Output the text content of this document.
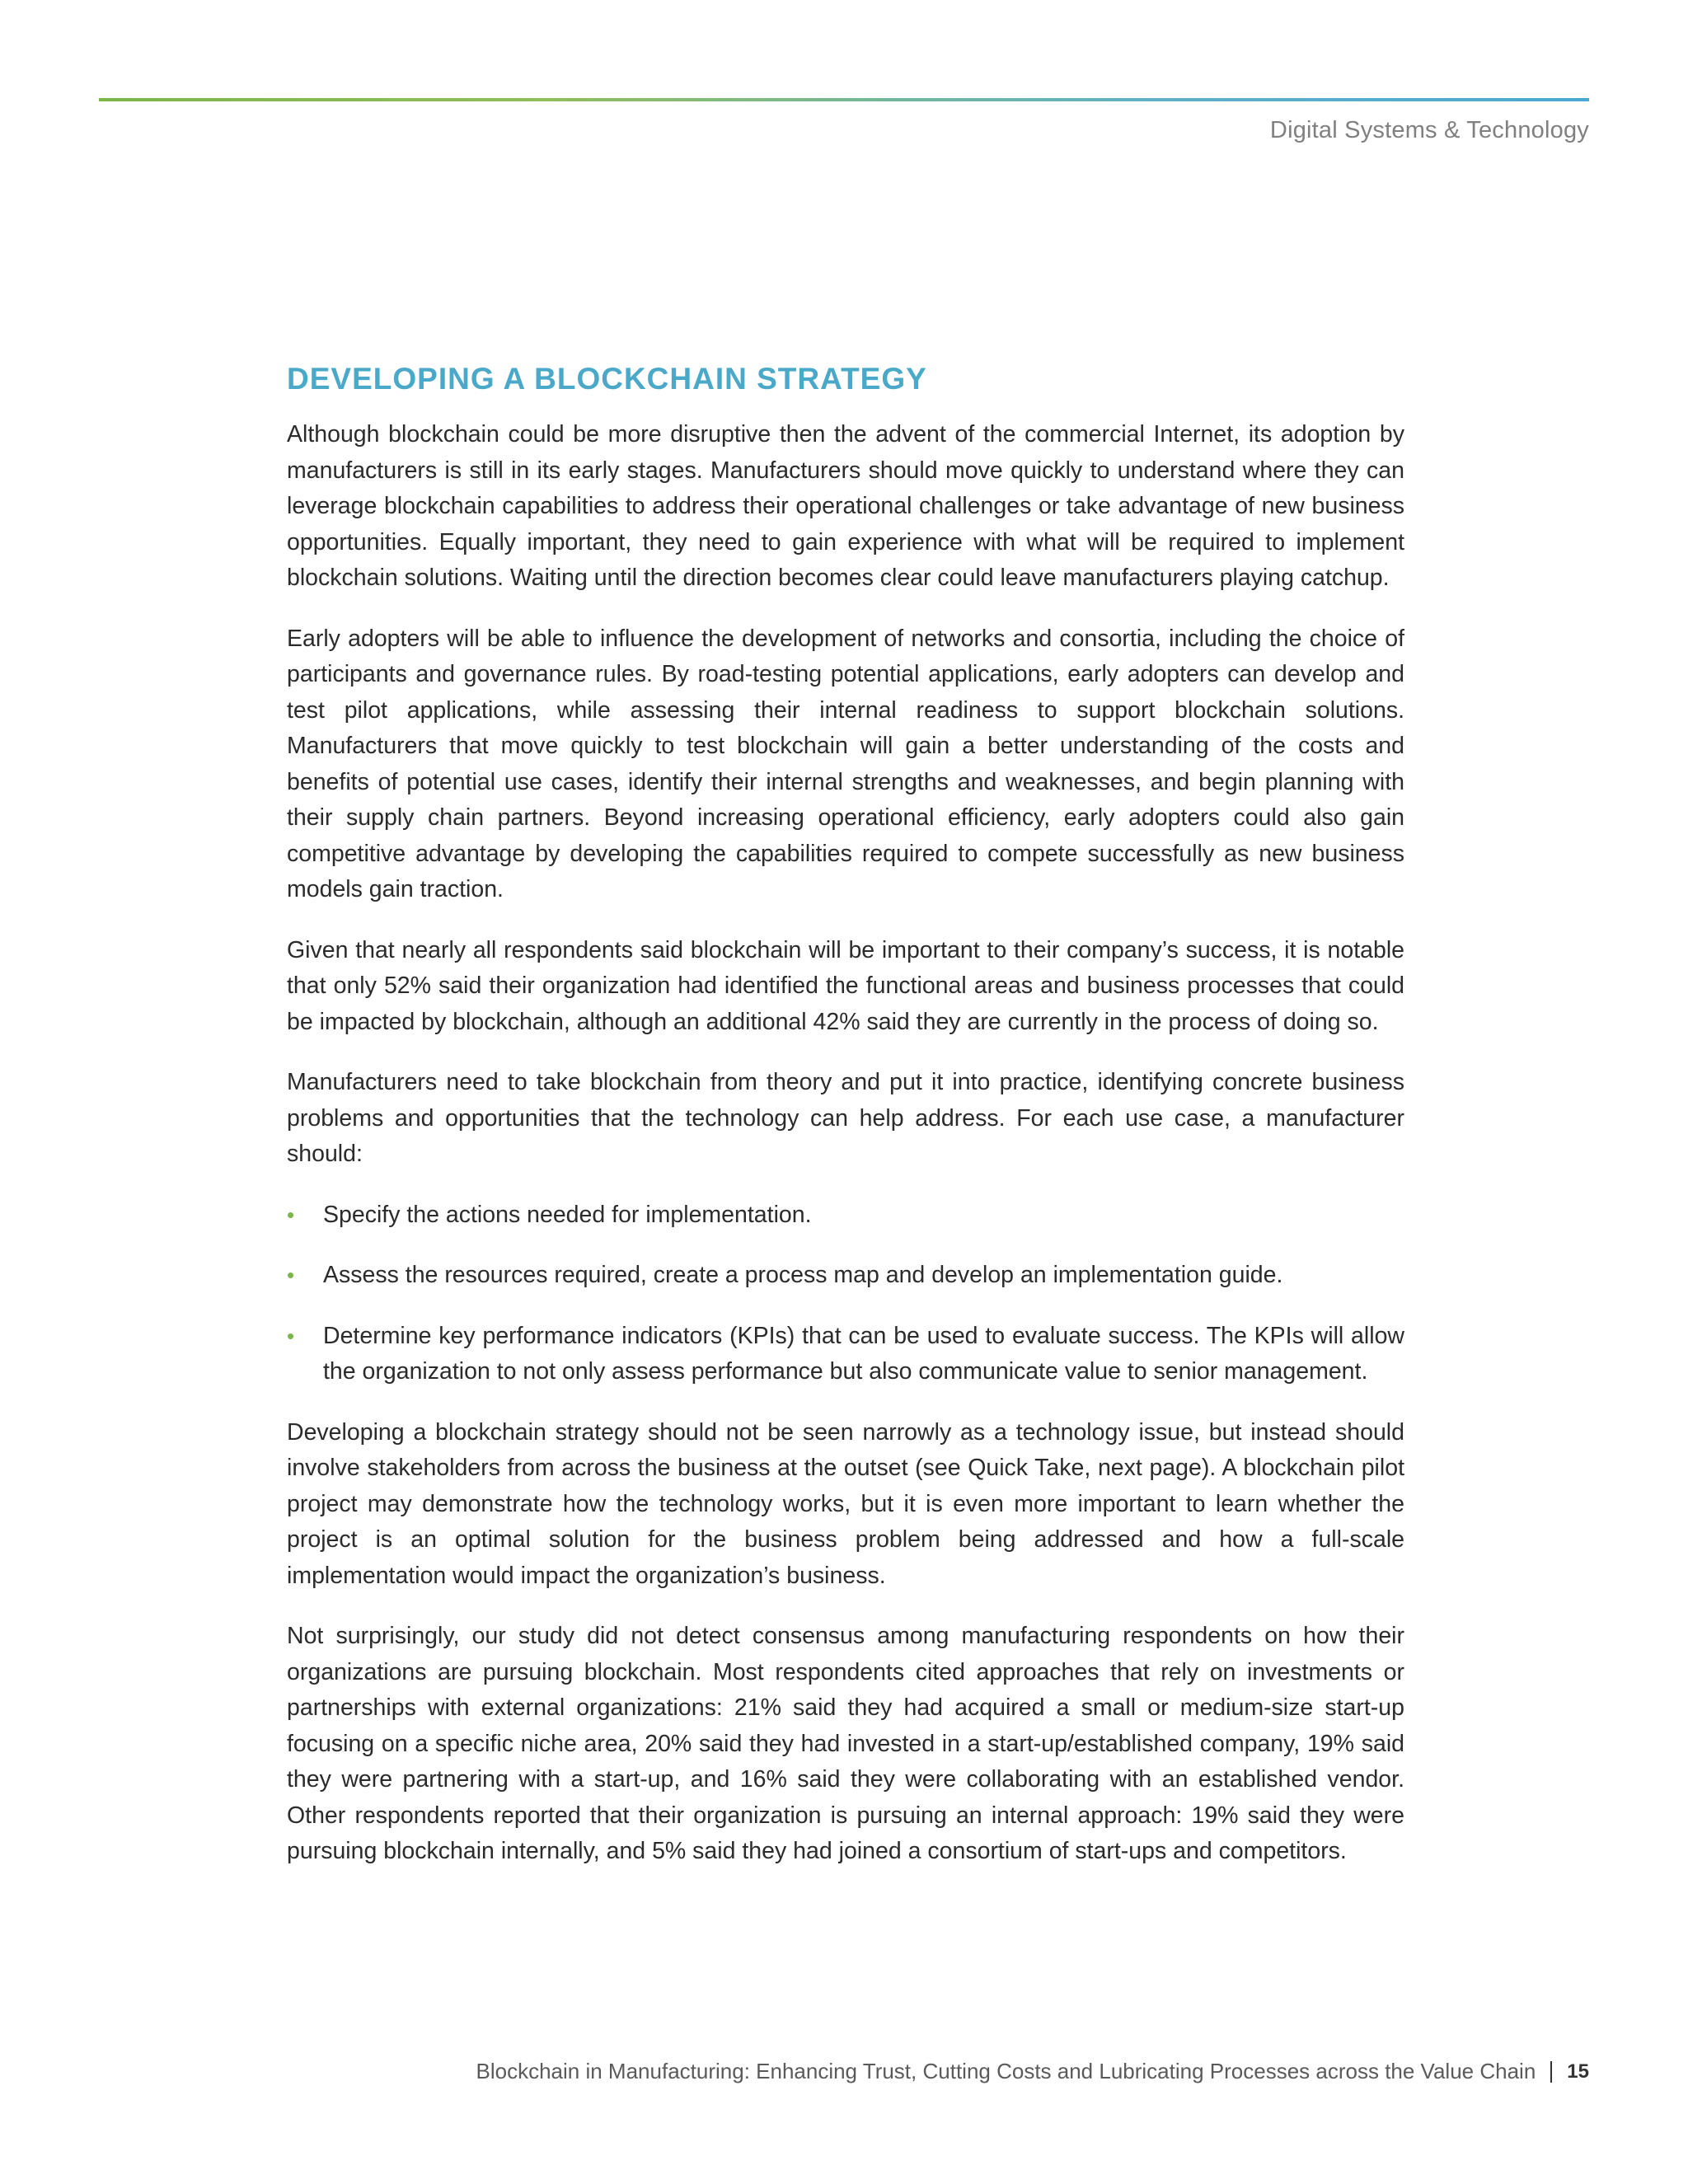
Digital Systems & Technology
DEVELOPING A BLOCKCHAIN STRATEGY

Although blockchain could be more disruptive then the advent of the commercial Internet, its adoption by manufacturers is still in its early stages. Manufacturers should move quickly to understand where they can leverage blockchain capabilities to address their operational challenges or take advantage of new business opportunities. Equally important, they need to gain experience with what will be required to implement blockchain solutions. Waiting until the direction becomes clear could leave manufacturers playing catchup.

Early adopters will be able to influence the development of networks and consortia, including the choice of participants and governance rules. By road-testing potential applications, early adopters can develop and test pilot applications, while assessing their internal readiness to support blockchain solutions. Manufacturers that move quickly to test blockchain will gain a better understanding of the costs and benefits of potential use cases, identify their internal strengths and weaknesses, and begin planning with their supply chain partners. Beyond increasing operational efficiency, early adopters could also gain competitive advantage by developing the capabilities required to compete successfully as new business models gain traction.

Given that nearly all respondents said blockchain will be important to their company’s success, it is notable that only 52% said their organization had identified the functional areas and business processes that could be impacted by blockchain, although an additional 42% said they are currently in the process of doing so.

Manufacturers need to take blockchain from theory and put it into practice, identifying concrete business problems and opportunities that the technology can help address. For each use case, a manufacturer should:

• Specify the actions needed for implementation.
• Assess the resources required, create a process map and develop an implementation guide.
• Determine key performance indicators (KPIs) that can be used to evaluate success. The KPIs will allow the organization to not only assess performance but also communicate value to senior management.

Developing a blockchain strategy should not be seen narrowly as a technology issue, but instead should involve stakeholders from across the business at the outset (see Quick Take, next page). A blockchain pilot project may demonstrate how the technology works, but it is even more important to learn whether the project is an optimal solution for the business problem being addressed and how a full-scale implementation would impact the organization’s business.

Not surprisingly, our study did not detect consensus among manufacturing respondents on how their organizations are pursuing blockchain. Most respondents cited approaches that rely on investments or partnerships with external organizations: 21% said they had acquired a small or medium-size start-up focusing on a specific niche area, 20% said they had invested in a start-up/established company, 19% said they were partnering with a start-up, and 16% said they were collaborating with an established vendor. Other respondents reported that their organization is pursuing an internal approach: 19% said they were pursuing blockchain internally, and 5% said they had joined a consortium of start-ups and competitors.

Blockchain in Manufacturing: Enhancing Trust, Cutting Costs and Lubricating Processes across the Value Chain 15
